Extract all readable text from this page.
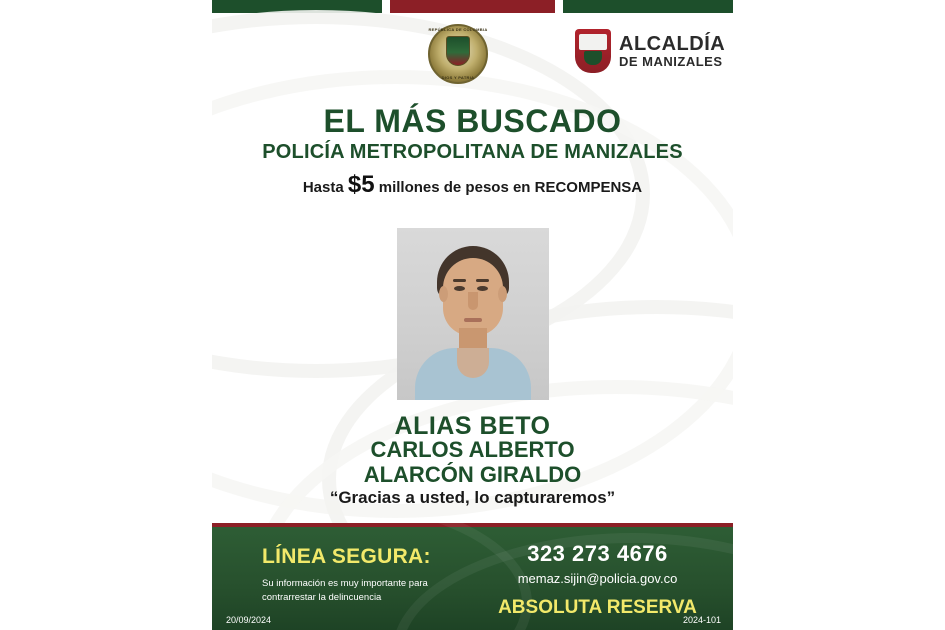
REPÚBLICA DE COLOMBIA
DIOS Y PATRIA
ALCALDÍA
DE MANIZALES
EL MÁS BUSCADO
POLICÍA METROPOLITANA DE MANIZALES
Hasta $5 millones de pesos en RECOMPENSA
ALIAS BETO
CARLOS ALBERTO
ALARCÓN GIRALDO
“Gracias a usted, lo capturaremos”
LÍNEA SEGURA:
Su información es muy importante para
contrarrestar la delincuencia
323 273 4676
memaz.sijin@policia.gov.co
ABSOLUTA RESERVA
20/09/2024	2024-101
